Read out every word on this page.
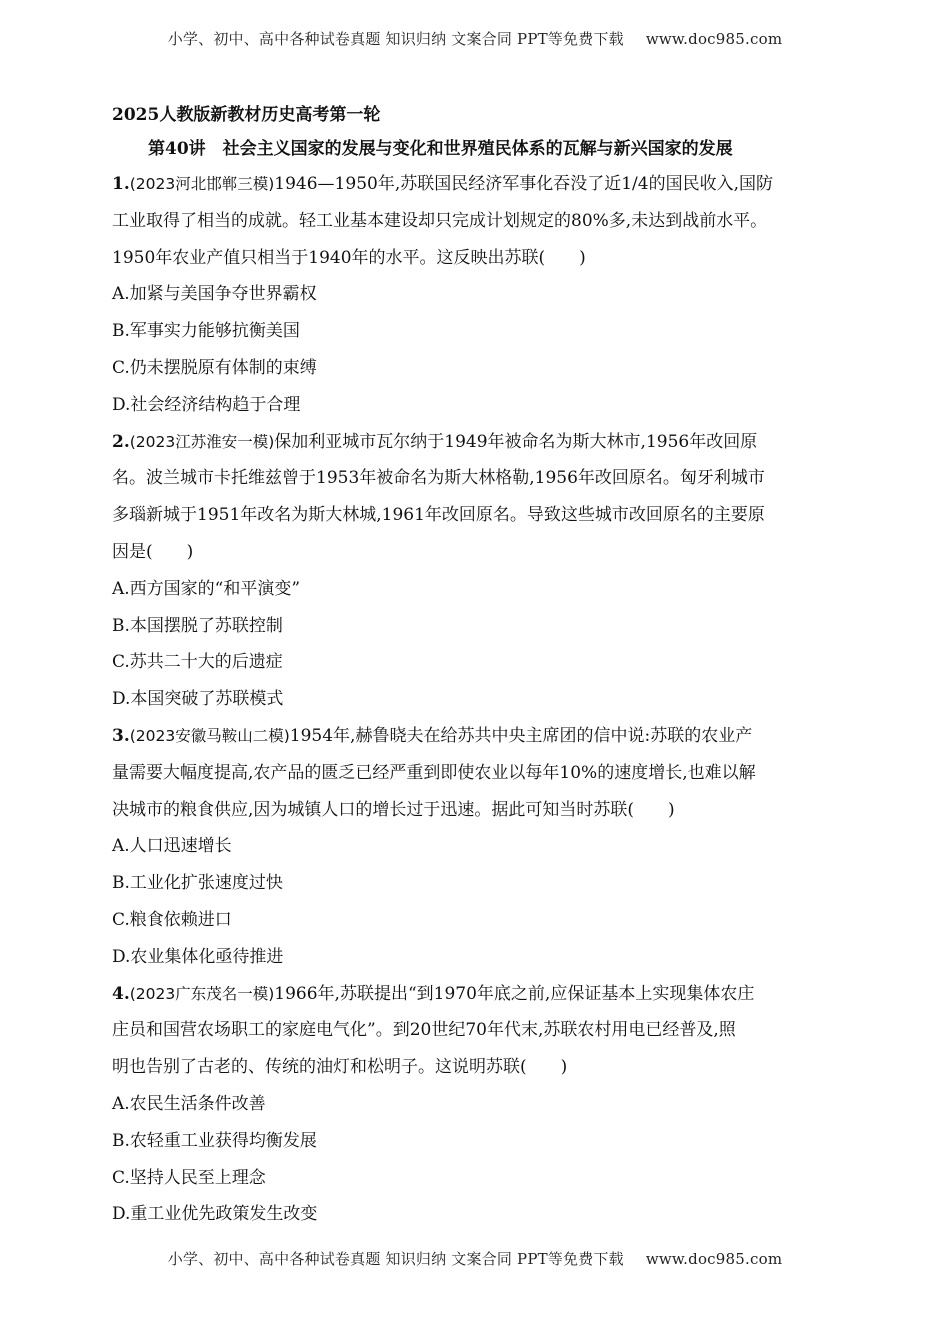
小学、初中、高中各种试卷真题 知识归纳 文案合同 PPT等免费下载 www.doc985.com

2025人教版新教材历史高考第一轮

第40讲　社会主义国家的发展与变化和世界殖民体系的瓦解与新兴国家的发展

1.(2023河北邯郸三模)1946—1950年,苏联国民经济军事化吞没了近1/4的国民收入,国防
工业取得了相当的成就。轻工业基本建设却只完成计划规定的80%多,未达到战前水平。
1950年农业产值只相当于1940年的水平。这反映出苏联(　　)

A.加紧与美国争夺世界霸权

B.军事实力能够抗衡美国

C.仍未摆脱原有体制的束缚

D.社会经济结构趋于合理

2.(2023江苏淮安一模)保加利亚城市瓦尔纳于1949年被命名为斯大林市,1956年改回原
名。波兰城市卡托维兹曾于1953年被命名为斯大林格勒,1956年改回原名。匈牙利城市
多瑙新城于1951年改名为斯大林城,1961年改回原名。导致这些城市改回原名的主要原
因是(　　)

A.西方国家的“和平演变”

B.本国摆脱了苏联控制

C.苏共二十大的后遗症

D.本国突破了苏联模式

3.(2023安徽马鞍山二模)1954年,赫鲁晓夫在给苏共中央主席团的信中说:苏联的农业产
量需要大幅度提高,农产品的匮乏已经严重到即使农业以每年10%的速度增长,也难以解
决城市的粮食供应,因为城镇人口的增长过于迅速。据此可知当时苏联(　　)

A.人口迅速增长

B.工业化扩张速度过快

C.粮食依赖进口

D.农业集体化亟待推进

4.(2023广东茂名一模)1966年,苏联提出“到1970年底之前,应保证基本上实现集体农庄
庄员和国营农场职工的家庭电气化”。到20世纪70年代末,苏联农村用电已经普及,照
明也告别了古老的、传统的油灯和松明子。这说明苏联(　　)

A.农民生活条件改善

B.农轻重工业获得均衡发展

C.坚持人民至上理念

D.重工业优先政策发生改变

小学、初中、高中各种试卷真题 知识归纳 文案合同 PPT等免费下载 www.doc985.com
